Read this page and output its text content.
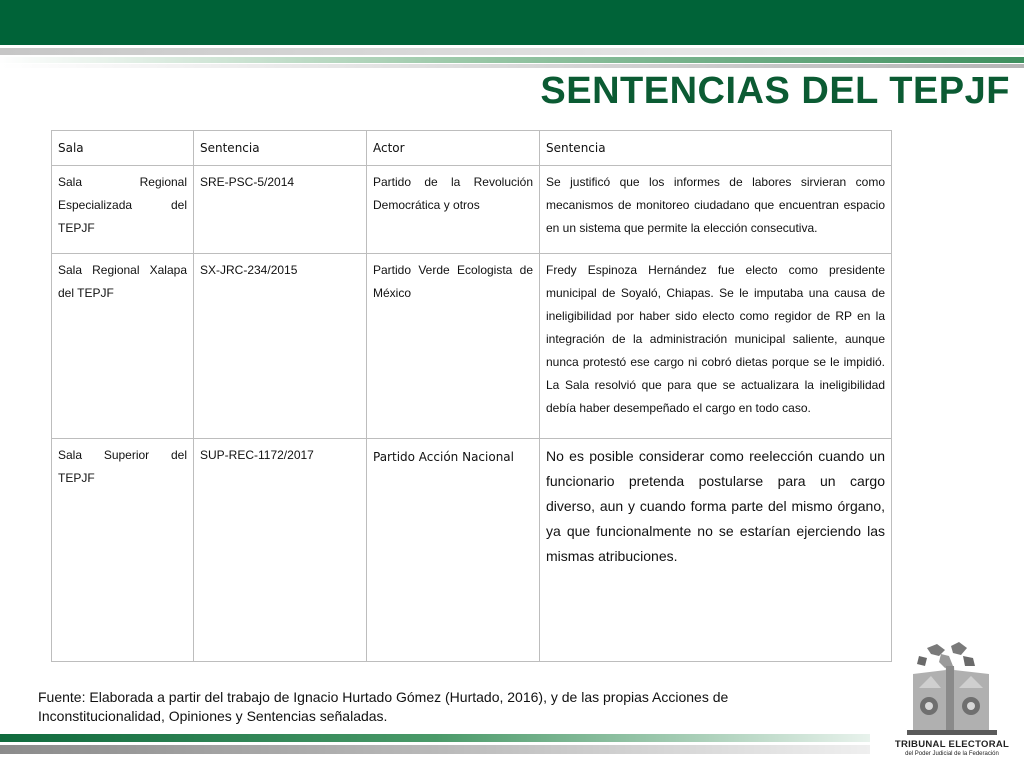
SENTENCIAS DEL TEPJF
Sala	Sentencia	Actor	Sentencia
Sala Regional Especializada del TEPJF	SRE-PSC-5/2014	Partido de la Revolución Democrática y otros	Se justificó que los informes de labores sirvieran como mecanismos de monitoreo ciudadano que encuentran espacio en un sistema que permite la elección consecutiva.
Sala Regional Xalapa del TEPJF	SX-JRC-234/2015	Partido Verde Ecologista de México	Fredy Espinoza Hernández fue electo como presidente municipal de Soyaló, Chiapas. Se le imputaba una causa de ineligibilidad por haber sido electo como regidor de RP en la integración de la administración municipal saliente, aunque nunca protestó ese cargo ni cobró dietas porque se le impidió. La Sala resolvió que para que se actualizara la ineligibilidad debía haber desempeñado el cargo en todo caso.
Sala Superior del TEPJF	SUP-REC-1172/2017	Partido Acción Nacional	No es posible considerar como reelección cuando un funcionario pretenda postularse para un cargo diverso, aun y cuando forma parte del mismo órgano, ya que funcionalmente no se estarían ejerciendo las mismas atribuciones.

Fuente: Elaborada a partir del trabajo de Ignacio Hurtado Gómez (Hurtado, 2016), y de las propias Acciones de Inconstitucionalidad, Opiniones y Sentencias señaladas.

TRIBUNAL ELECTORAL
del Poder Judicial de la Federación
